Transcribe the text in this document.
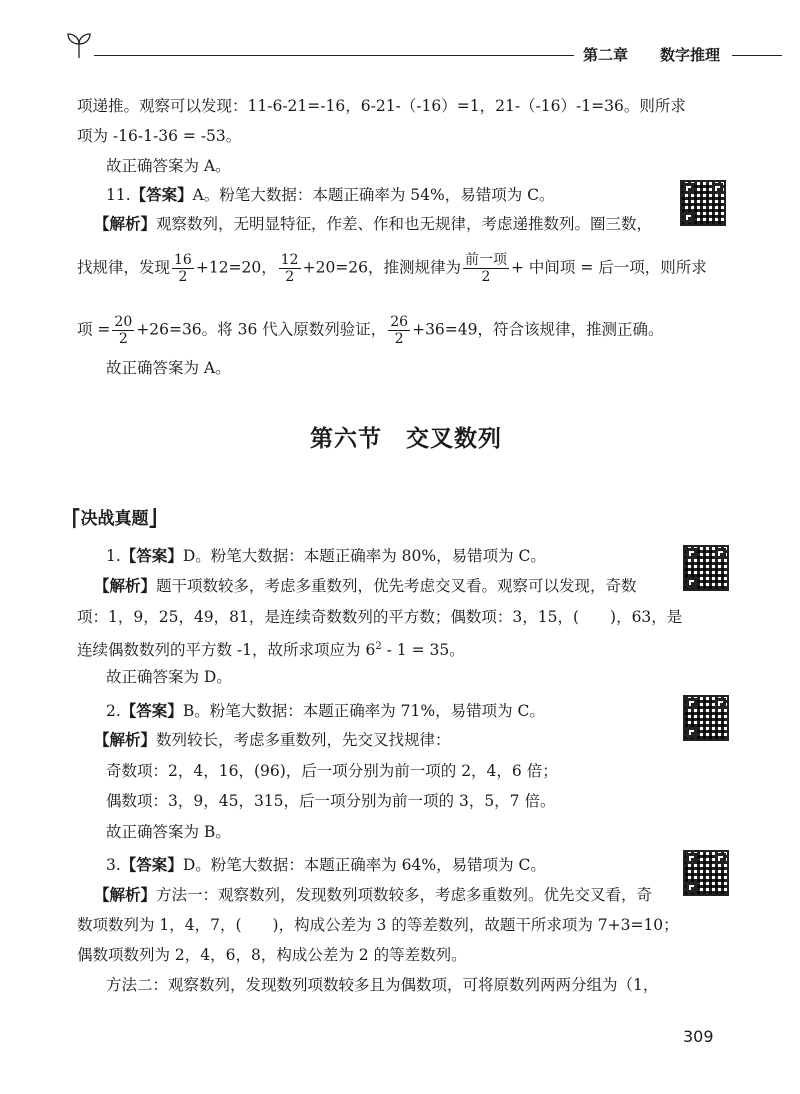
第二章 数字推理
项递推。观察可以发现：11-6-21=-16，6-21-（-16）=1，21-（-16）-1=36。则所求
项为 -16-1-36 = -53。
故正确答案为 A。
11.【答案】A。粉笔大数据：本题正确率为 54%，易错项为 C。
【解析】观察数列，无明显特征，作差、作和也无规律，考虑递推数列。圈三数，
找规律，发现 $\frac{16}{2} +12=20$， $\frac{12}{2} +20=26$，推测规律为 $\frac{\text{前一项}}{2}$ + 中间项 = 后一项，则所求
项 = $\frac{20}{2} +26=36$。将 36 代入原数列验证， $\frac{26}{2} +36=49$，符合该规律，推测正确。
故正确答案为 A。
第六节　交叉数列
⎡决战真题⎦
1.【答案】D。粉笔大数据：本题正确率为 80%，易错项为 C。
【解析】题干项数较多，考虑多重数列，优先考虑交叉看。观察可以发现，奇数
项：1，9，25，49，81，是连续奇数数列的平方数；偶数项：3，15，(　　)，63，是
连续偶数数列的平方数 -1，故所求项应为 $6^2 - 1 = 35$。
故正确答案为 D。
2.【答案】B。粉笔大数据：本题正确率为 71%，易错项为 C。
【解析】数列较长，考虑多重数列，先交叉找规律：
奇数项：2，4，16，(96)，后一项分别为前一项的 2，4，6 倍；
偶数项：3，9，45，315，后一项分别为前一项的 3，5，7 倍。
故正确答案为 B。
3.【答案】D。粉笔大数据：本题正确率为 64%，易错项为 C。
【解析】方法一：观察数列，发现数列项数较多，考虑多重数列。优先交叉看，奇
数项数列为 1，4，7，(　　)，构成公差为 3 的等差数列，故题干所求项为 7+3=10；
偶数项数列为 2，4，6，8，构成公差为 2 的等差数列。
方法二：观察数列，发现数列项数较多且为偶数项，可将原数列两两分组为（1，
309
